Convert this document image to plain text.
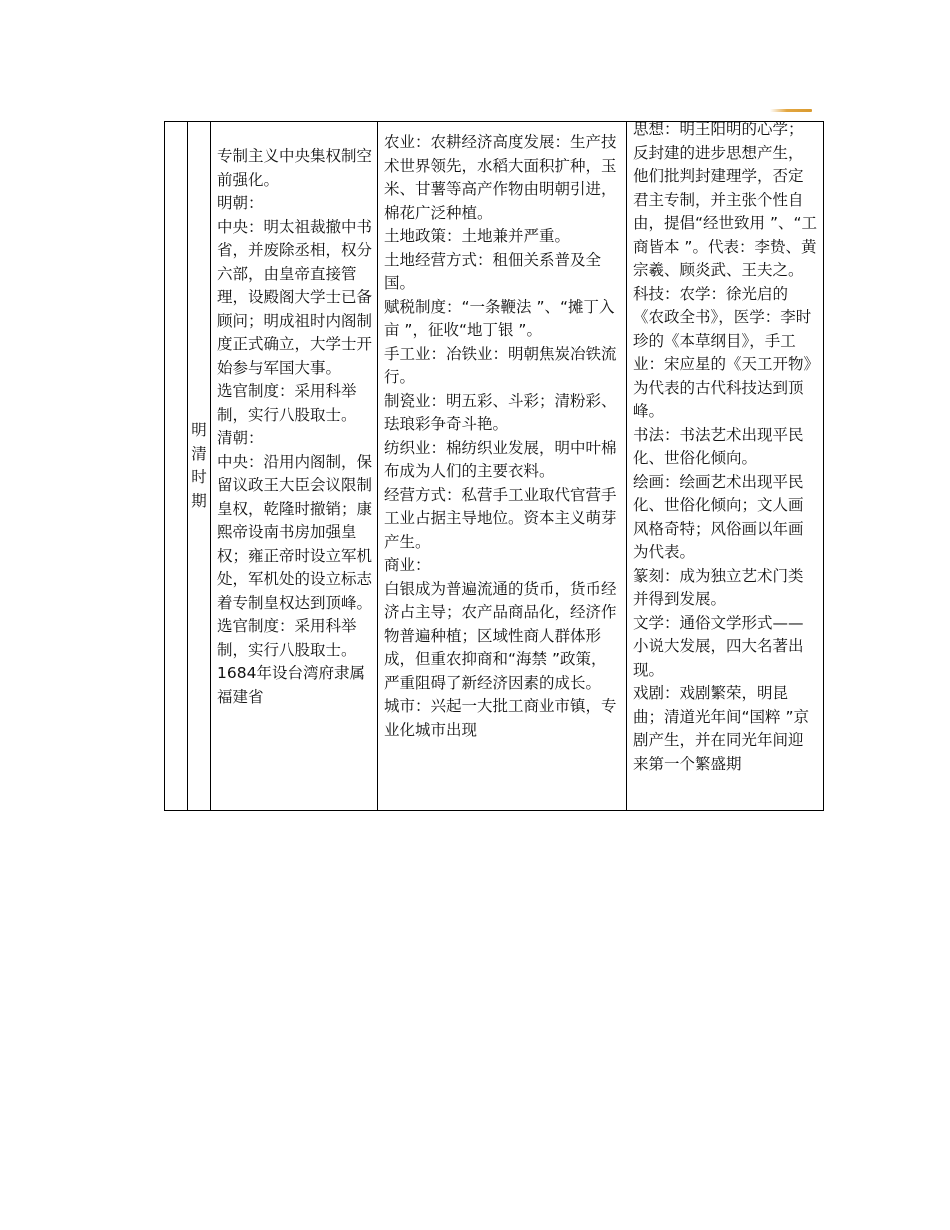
明清时期

专制主义中央集权制空前强化。
明朝：
中央：明太祖裁撤中书省，并废除丞相，权分六部，由皇帝直接管理，设殿阁大学士已备顾问；明成祖时内阁制度正式确立，大学士开始参与军国大事。
选官制度：采用科举制，实行八股取士。
清朝：
中央：沿用内阁制，保留议政王大臣会议限制皇权，乾隆时撤销；康熙帝设南书房加强皇权；雍正帝时设立军机处，军机处的设立标志着专制皇权达到顶峰。
选官制度：采用科举制，实行八股取士。
1684年设台湾府隶属福建省

农业：农耕经济高度发展：生产技术世界领先，水稻大面积扩种，玉米、甘薯等高产作物由明朝引进，棉花广泛种植。
土地政策：土地兼并严重。
土地经营方式：租佃关系普及全国。
赋税制度：“一条鞭法 ”、“摊丁入亩 ”，征收“地丁银 ”。
手工业：冶铁业：明朝焦炭冶铁流行。
制瓷业：明五彩、斗彩；清粉彩、珐琅彩争奇斗艳。
纺织业：棉纺织业发展，明中叶棉布成为人们的主要衣料。
经营方式：私营手工业取代官营手工业占据主导地位。资本主义萌芽产生。
商业：
白银成为普遍流通的货币，货币经济占主导；农产品商品化，经济作物普遍种植；区域性商人群体形成，但重农抑商和“海禁 ”政策，严重阻碍了新经济因素的成长。
城市：兴起一大批工商业市镇，专业化城市出现

思想：明王阳明的心学；反封建的进步思想产生，他们批判封建理学，否定君主专制，并主张个性自由，提倡“经世致用 ”、“工商皆本 ”。代表：李贽、黄宗羲、顾炎武、王夫之。
科技：农学：徐光启的《农政全书》，医学：李时珍的《本草纲目》，手工业：宋应星的《天工开物》为代表的古代科技达到顶峰。
书法：书法艺术出现平民化、世俗化倾向。
绘画：绘画艺术出现平民化、世俗化倾向；文人画风格奇特；风俗画以年画为代表。
篆刻：成为独立艺术门类并得到发展。
文学：通俗文学形式——小说大发展，四大名著出现。
戏剧：戏剧繁荣，明昆曲；清道光年间“国粹 ”京剧产生，并在同光年间迎来第一个繁盛期
